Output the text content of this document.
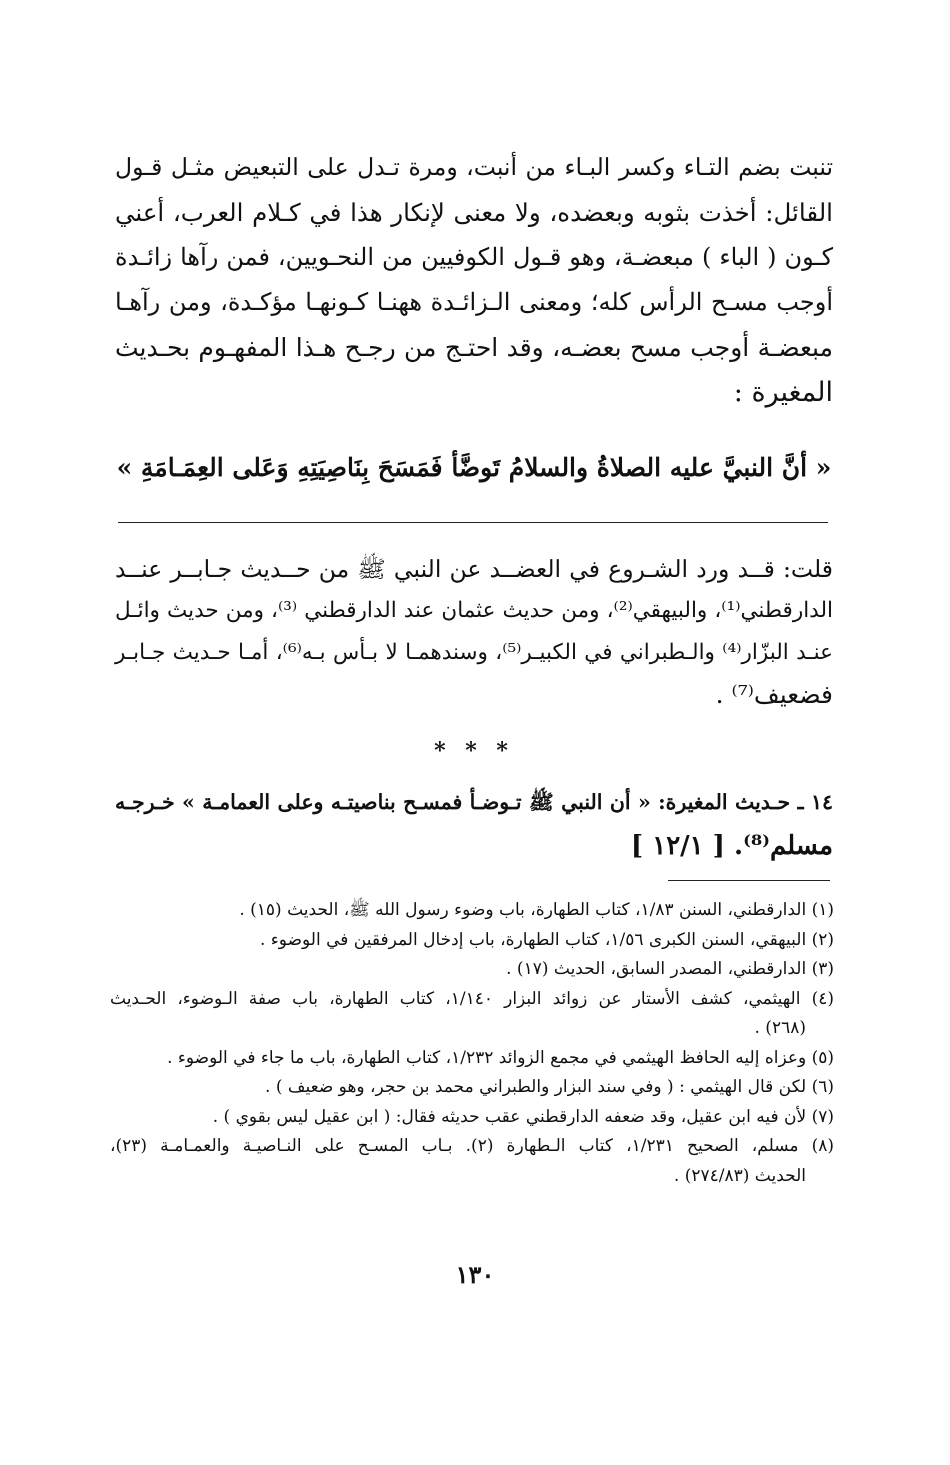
تنبت بضم التـاء وكسر البـاء من أنبت، ومرة تـدل على التبعيض مثـل قـول
القائل: أخذت بثوبه وبعضده، ولا معنى لإنكار هذا في كـلام العرب، أعني
كـون ( الباء ) مبعضـة، وهو قـول الكوفيين من النحـويين، فمن رآها زائـدة
أوجب مسـح الرأس كله؛ ومعنى الـزائـدة ههنـا كـونهـا مؤكـدة، ومن رآهـا
مبعضـة أوجب مسح بعضـه، وقد احتـج من رجـح هـذا المفهـوم بحـديث
المغيرة :

« أنَّ النبيَّ عليه الصلاةُ والسلامُ تَوضَّأ فَمَسَحَ بِنَاصِيَتِهِ وَعَلى العِمَـامَةِ »

قلت: قــد ورد الشـروع في العضــد عن النبي ﷺ من حــديث جـابــر عنــد
الدارقطني⁽¹⁾، والبيهقي⁽²⁾، ومن حديث عثمان عند الدارقطني ⁽³⁾، ومن حديث وائـل
عنـد البزّار⁽⁴⁾ والـطبراني في الكبيـر⁽⁵⁾، وسندهمـا لا بـأس بـه⁽⁶⁾، أمـا حـديث جـابـر
فضعيف⁽⁷⁾ .

* * *

١٤ ـ حـديث المغيرة: « أن النبي ﷺ تـوضـأ فمسـح بناصيتـه وعلى العمامـة » خـرجـه
مسلم⁽⁸⁾. [ ١٢/١ ]

(١) الدارقطني، السنن ١/٨٣، كتاب الطهارة، باب وضوء رسول الله ﷺ، الحديث (١٥) .
(٢) البيهقي، السنن الكبرى ١/٥٦، كتاب الطهارة، باب إدخال المرفقين في الوضوء .
(٣) الدارقطني، المصدر السابق، الحديث (١٧) .
(٤) الهيثمي، كشف الأستار عن زوائد البزار ١/١٤٠، كتاب الطهارة، باب صفة الـوضوء، الحـديث
(٢٦٨) .
(٥) وعزاه إليه الحافظ الهيثمي في مجمع الزوائد ١/٢٣٢، كتاب الطهارة، باب ما جاء في الوضوء .
(٦) لكن قال الهيثمي : ( وفي سند البزار والطبراني محمد بن حجر، وهو ضعيف ) .
(٧) لأن فيه ابن عقيل، وقد ضعفه الدارقطني عقب حديثه فقال: ( ابن عقيل ليس بقوي ) .
(٨) مسلم، الصحيح ١/٢٣١، كتاب الـطهارة (٢). بـاب المسـح على النـاصيـة والعمـامـة (٢٣)،
الحديث (٢٧٤/٨٣) .
١٣٠
